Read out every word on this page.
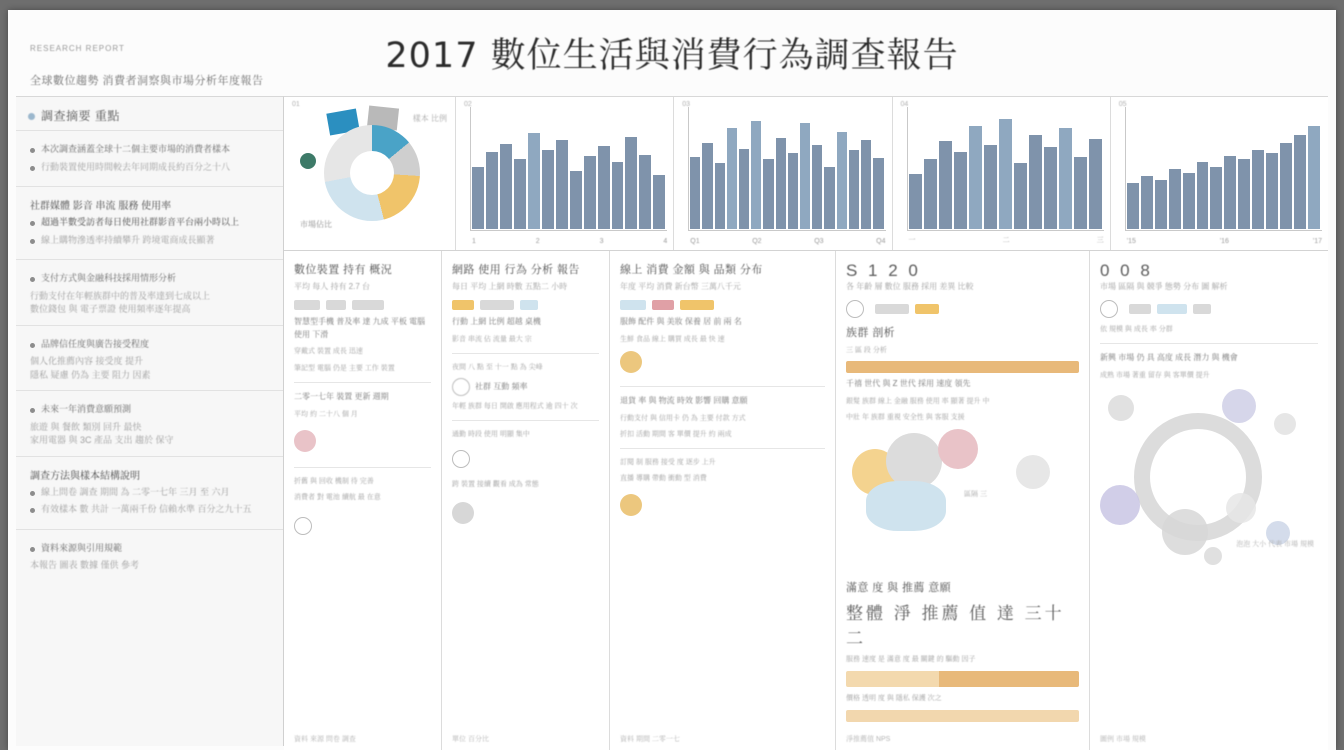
RESEARCH REPORT	2017 數位生活與消費行為調查報告
全球數位趨勢 消費者洞察與市場分析年度報告
調查摘要 重點
本次調查涵蓋全球十二個主要市場的消費者樣本
行動裝置使用時間較去年同期成長約百分之十八
社群媒體 影音 串流 服務 使用率
超過半數受訪者每日使用社群影音平台兩小時以上
線上購物滲透率持續攀升 跨境電商成長顯著
支付方式與金融科技採用情形分析
行動支付在年輕族群中的普及率達到七成以上
數位錢包 與 電子票證 使用頻率逐年提高
品牌信任度與廣告接受程度
個人化推薦內容 接受度 提升
隱私 疑慮 仍為 主要 阻力 因素
未來一年消費意願預測
旅遊 與 餐飲 類別 回升 最快
家用電器 與 3C 產品 支出 趨於 保守
調查方法與樣本結構說明
線上問卷 調查 期間 為 二零一七年 三月 至 六月
有效樣本 數 共計 一萬兩千份 信賴水準 百分之九十五
資料來源與引用規範
本報告 圖表 數據 僅供 參考
01
市場佔比
樣本 比例
02
1	2	3	4
03
Q1	Q2	Q3	Q4
04
一	二	三
05
'15	'16	'17
數位裝置 持有 概況
平均 每人 持有 2.7 台
智慧型手機 普及率 達 九成 平板 電腦 使用 下滑
穿戴式 裝置 成長 迅速
筆記型 電腦 仍是 主要 工作 裝置
二零一七年 裝置 更新 週期
平均 約 二十八 個 月
折舊 與 回收 機制 待 完善
消費者 對 電池 續航 最 在意
資料 來源 問卷 調查
網路 使用 行為 分析 報告
每日 平均 上網 時數 五點二 小時
行動 上網 比例 超越 桌機
影音 串流 佔 流量 最大 宗
夜間 八 點 至 十一 點 為 尖峰
社群 互動 頻率
年輕 族群 每日 開啟 應用程式 逾 四十 次
通勤 時段 使用 明顯 集中
跨 裝置 接續 觀看 成為 常態
單位 百分比
線上 消費 金額 與 品類 分布
年度 平均 消費 新台幣 三萬八千元
服飾 配件 與 美妝 保養 居 前 兩 名
生鮮 食品 線上 購買 成長 最 快 速
退貨 率 與 物流 時效 影響 回購 意願
行動支付 與 信用卡 仍 為 主要 付款 方式
折扣 活動 期間 客 單價 提升 約 兩成
訂閱 制 服務 接受 度 逐步 上升
直播 導購 帶動 衝動 型 消費
資料 期間 二零一七
S 1 2 0
各 年齡 層 數位 服務 採用 差異 比較
族群 剖析
三 區 段 分析
千禧 世代 與 Z 世代 採用 速度 領先
銀髮 族群 線上 金融 服務 使用 率 顯著 提升 中
中壯 年 族群 重視 安全性 與 客服 支援
區隔 三
滿意 度 與 推薦 意願
整體 淨 推薦 值 達 三十二
服務 速度 是 滿意 度 最 關鍵 的 驅動 因子
價格 透明 度 與 隱私 保護 次之
淨推薦值 NPS
0 0 8
市場 區隔 與 競爭 態勢 分布 圖 解析
依 規模 與 成長 率 分群
新興 市場 仍 具 高度 成長 潛力 與 機會
成熟 市場 著重 留存 與 客單價 提升
泡泡 大小 代表 市場 規模
圖例 市場 規模
